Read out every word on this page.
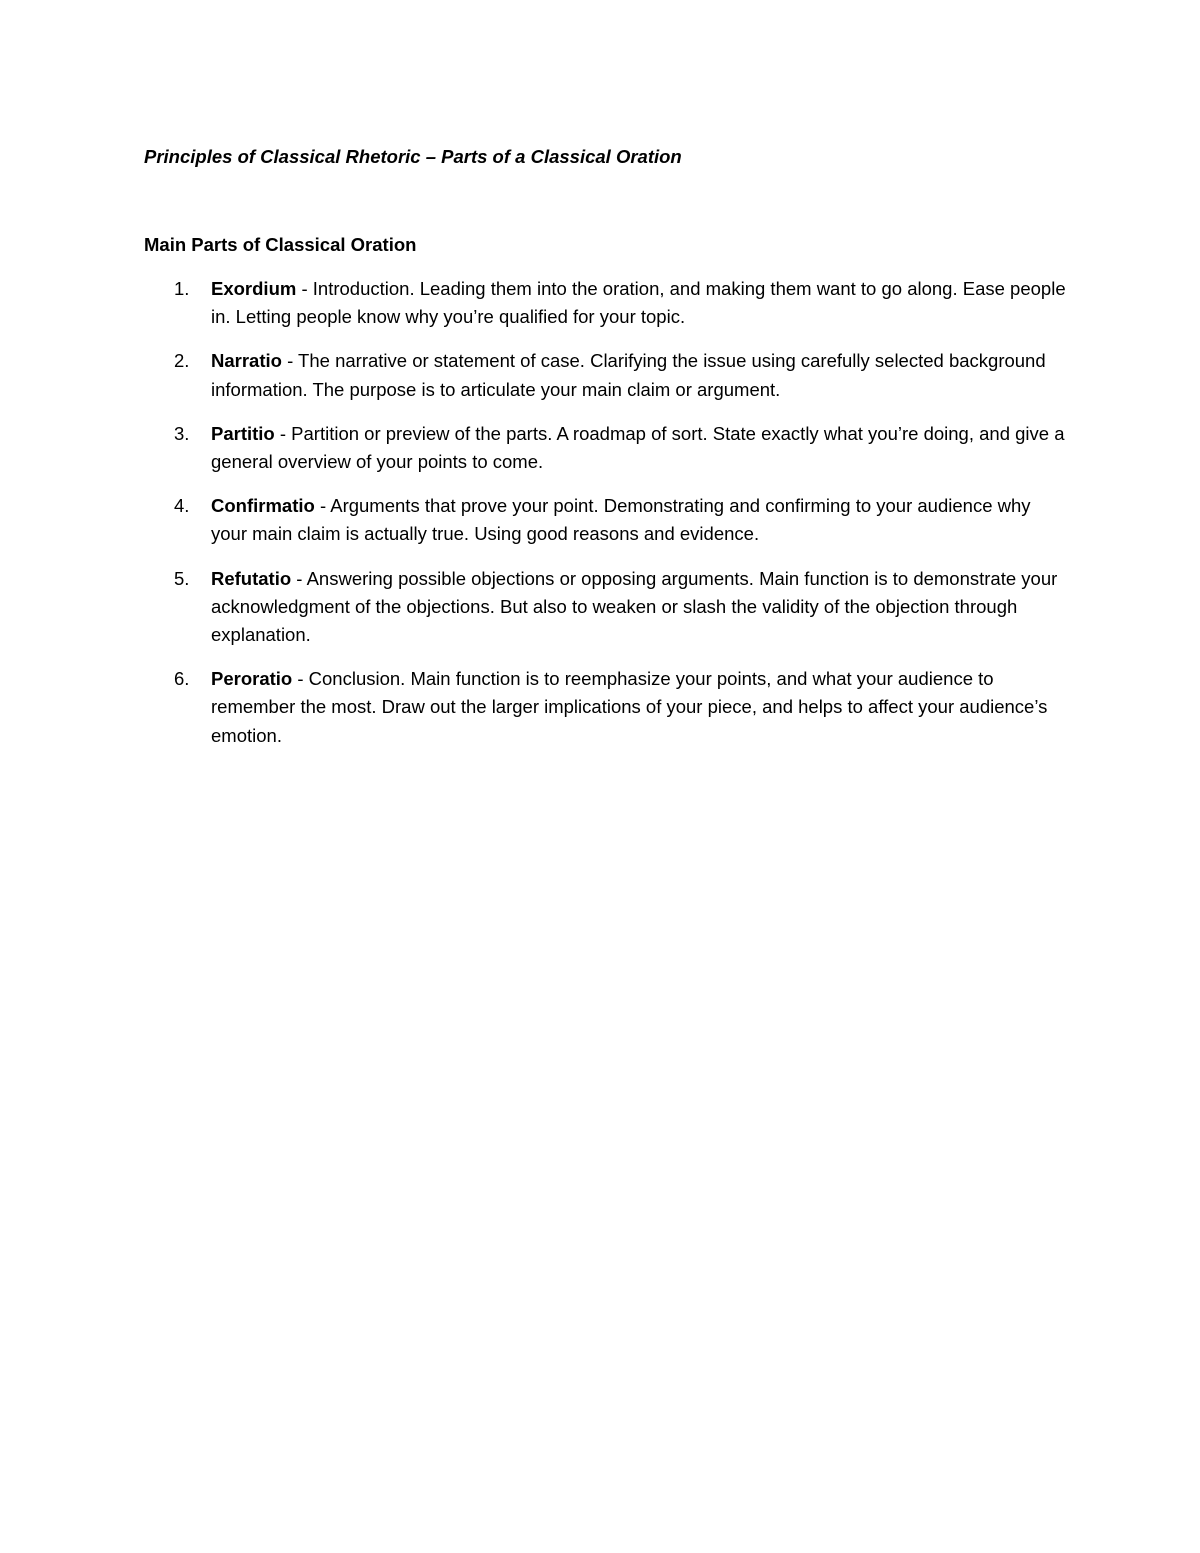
Principles of Classical Rhetoric – Parts of a Classical Oration

Main Parts of Classical Oration

1. Exordium - Introduction. Leading them into the oration, and making them want to go along. Ease people in. Letting people know why you’re qualified for your topic.
2. Narratio - The narrative or statement of case. Clarifying the issue using carefully selected background information. The purpose is to articulate your main claim or argument.
3. Partitio - Partition or preview of the parts. A roadmap of sort. State exactly what you’re doing, and give a general overview of your points to come.
4. Confirmatio - Arguments that prove your point. Demonstrating and confirming to your audience why your main claim is actually true. Using good reasons and evidence.
5. Refutatio - Answering possible objections or opposing arguments. Main function is to demonstrate your acknowledgment of the objections. But also to weaken or slash the validity of the objection through explanation.
6. Peroratio - Conclusion. Main function is to reemphasize your points, and what your audience to remember the most. Draw out the larger implications of your piece, and helps to affect your audience’s emotion.
